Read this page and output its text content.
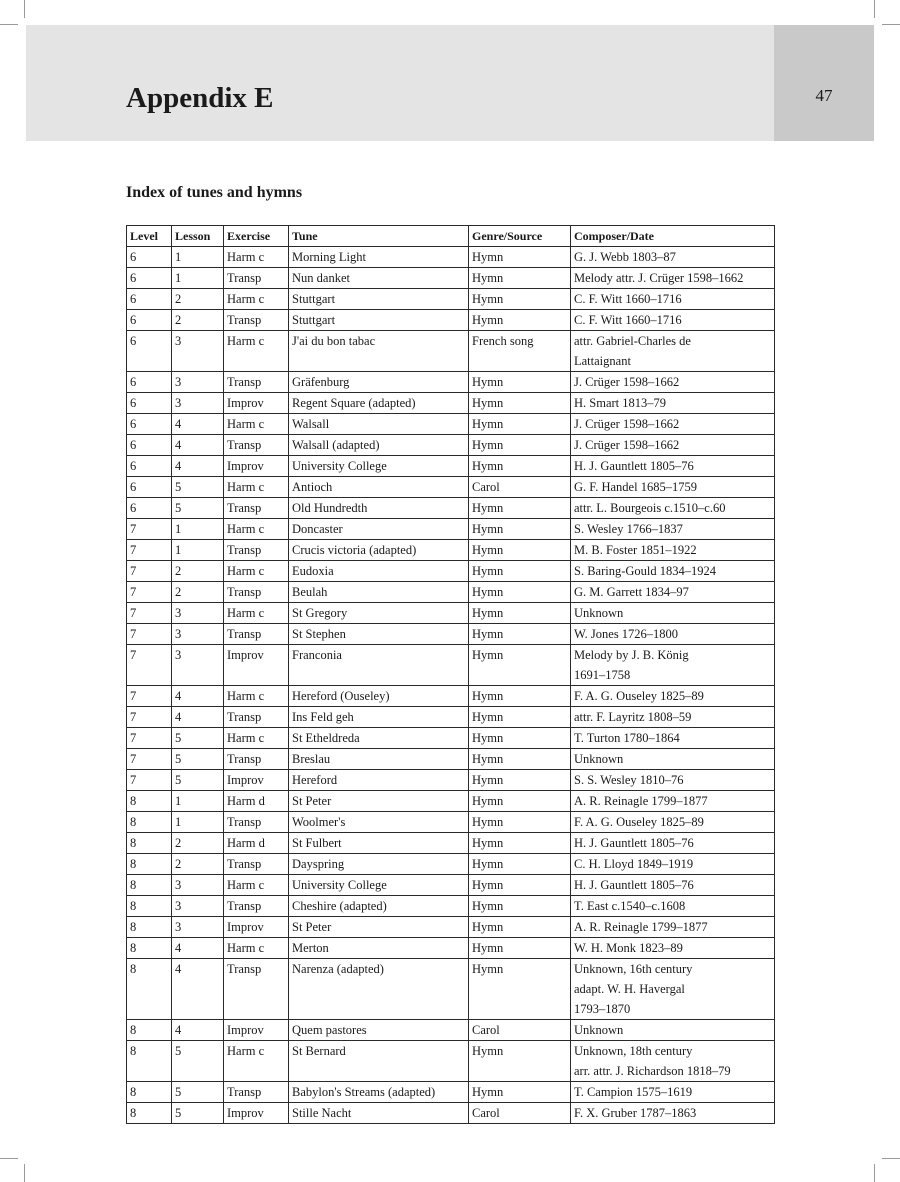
47
Appendix E
Index of tunes and hymns
Level	Lesson	Exercise	Tune	Genre/Source	Composer/Date
6	1	Harm c	Morning Light	Hymn	G. J. Webb 1803–87

6	1	Transp	Nun danket	Hymn	Melody attr. J. Crüger 1598–1662

6	2	Harm c	Stuttgart	Hymn	C. F. Witt 1660–1716

6	2	Transp	Stuttgart	Hymn	C. F. Witt 1660–1716

6	3	Harm c	J'ai du bon tabac	French song	attr. Gabriel-Charles de
Lattaignant

6	3	Transp	Gräfenburg	Hymn	J. Crüger 1598–1662

6	3	Improv	Regent Square (adapted)	Hymn	H. Smart 1813–79

6	4	Harm c	Walsall	Hymn	J. Crüger 1598–1662

6	4	Transp	Walsall (adapted)	Hymn	J. Crüger 1598–1662

6	4	Improv	University College	Hymn	H. J. Gauntlett 1805–76

6	5	Harm c	Antioch	Carol	G. F. Handel 1685–1759

6	5	Transp	Old Hundredth	Hymn	attr. L. Bourgeois c.1510–c.60

7	1	Harm c	Doncaster	Hymn	S. Wesley 1766–1837

7	1	Transp	Crucis victoria (adapted)	Hymn	M. B. Foster 1851–1922

7	2	Harm c	Eudoxia	Hymn	S. Baring-Gould 1834–1924

7	2	Transp	Beulah	Hymn	G. M. Garrett 1834–97

7	3	Harm c	St Gregory	Hymn	Unknown

7	3	Transp	St Stephen	Hymn	W. Jones 1726–1800

7	3	Improv	Franconia	Hymn	Melody by J. B. König
1691–1758

7	4	Harm c	Hereford (Ouseley)	Hymn	F. A. G. Ouseley 1825–89

7	4	Transp	Ins Feld geh	Hymn	attr. F. Layritz 1808–59

7	5	Harm c	St Etheldreda	Hymn	T. Turton 1780–1864

7	5	Transp	Breslau	Hymn	Unknown

7	5	Improv	Hereford	Hymn	S. S. Wesley 1810–76

8	1	Harm d	St Peter	Hymn	A. R. Reinagle 1799–1877

8	1	Transp	Woolmer's	Hymn	F. A. G. Ouseley 1825–89

8	2	Harm d	St Fulbert	Hymn	H. J. Gauntlett 1805–76

8	2	Transp	Dayspring	Hymn	C. H. Lloyd 1849–1919

8	3	Harm c	University College	Hymn	H. J. Gauntlett 1805–76

8	3	Transp	Cheshire (adapted)	Hymn	T. East c.1540–c.1608

8	3	Improv	St Peter	Hymn	A. R. Reinagle 1799–1877

8	4	Harm c	Merton	Hymn	W. H. Monk 1823–89

8	4	Transp	Narenza (adapted)	Hymn	Unknown, 16th century
adapt. W. H. Havergal
1793–1870

8	4	Improv	Quem pastores	Carol	Unknown

8	5	Harm c	St Bernard	Hymn	Unknown, 18th century
arr. attr. J. Richardson 1818–79

8	5	Transp	Babylon's Streams (adapted)	Hymn	T. Campion 1575–1619

8	5	Improv	Stille Nacht	Carol	F. X. Gruber 1787–1863
